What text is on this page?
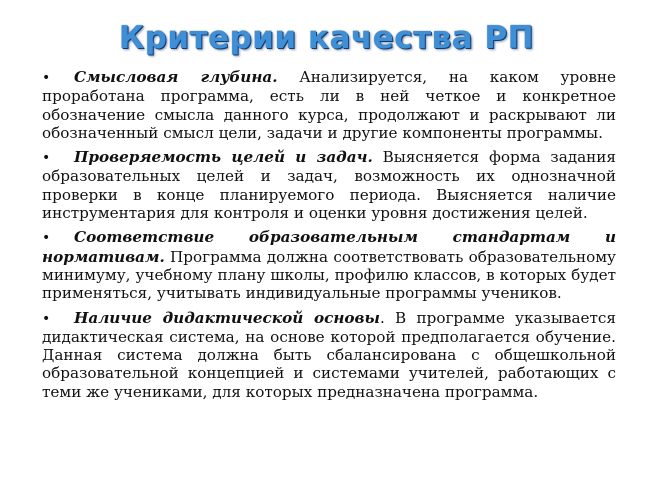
Критерии качества РП

• Смысловая глубина. Анализируется, на каком уровне проработана программа, есть ли в ней четкое и конкретное обозначение смысла данного курса, продолжают и раскрывают ли обозначенный смысл цели, задачи и другие компоненты программы.

• Проверяемость целей и задач. Выясняется форма задания образовательных целей и задач, возможность их однозначной проверки в конце планируемого периода. Выясняется наличие инструментария для контроля и оценки уровня достижения целей.

• Соответствие образовательным стандартам и нормативам. Программа должна соответствовать образовательному минимуму, учебному плану школы, профилю классов, в которых будет применяться, учитывать индивидуальные программы учеников.

• Наличие дидактической основы. В программе указывается дидактическая система, на основе которой предполагается обучение. Данная система должна быть сбалансирована с общешкольной образовательной концепцией и системами учителей, работающих с теми же учениками, для которых предназначена программа.
